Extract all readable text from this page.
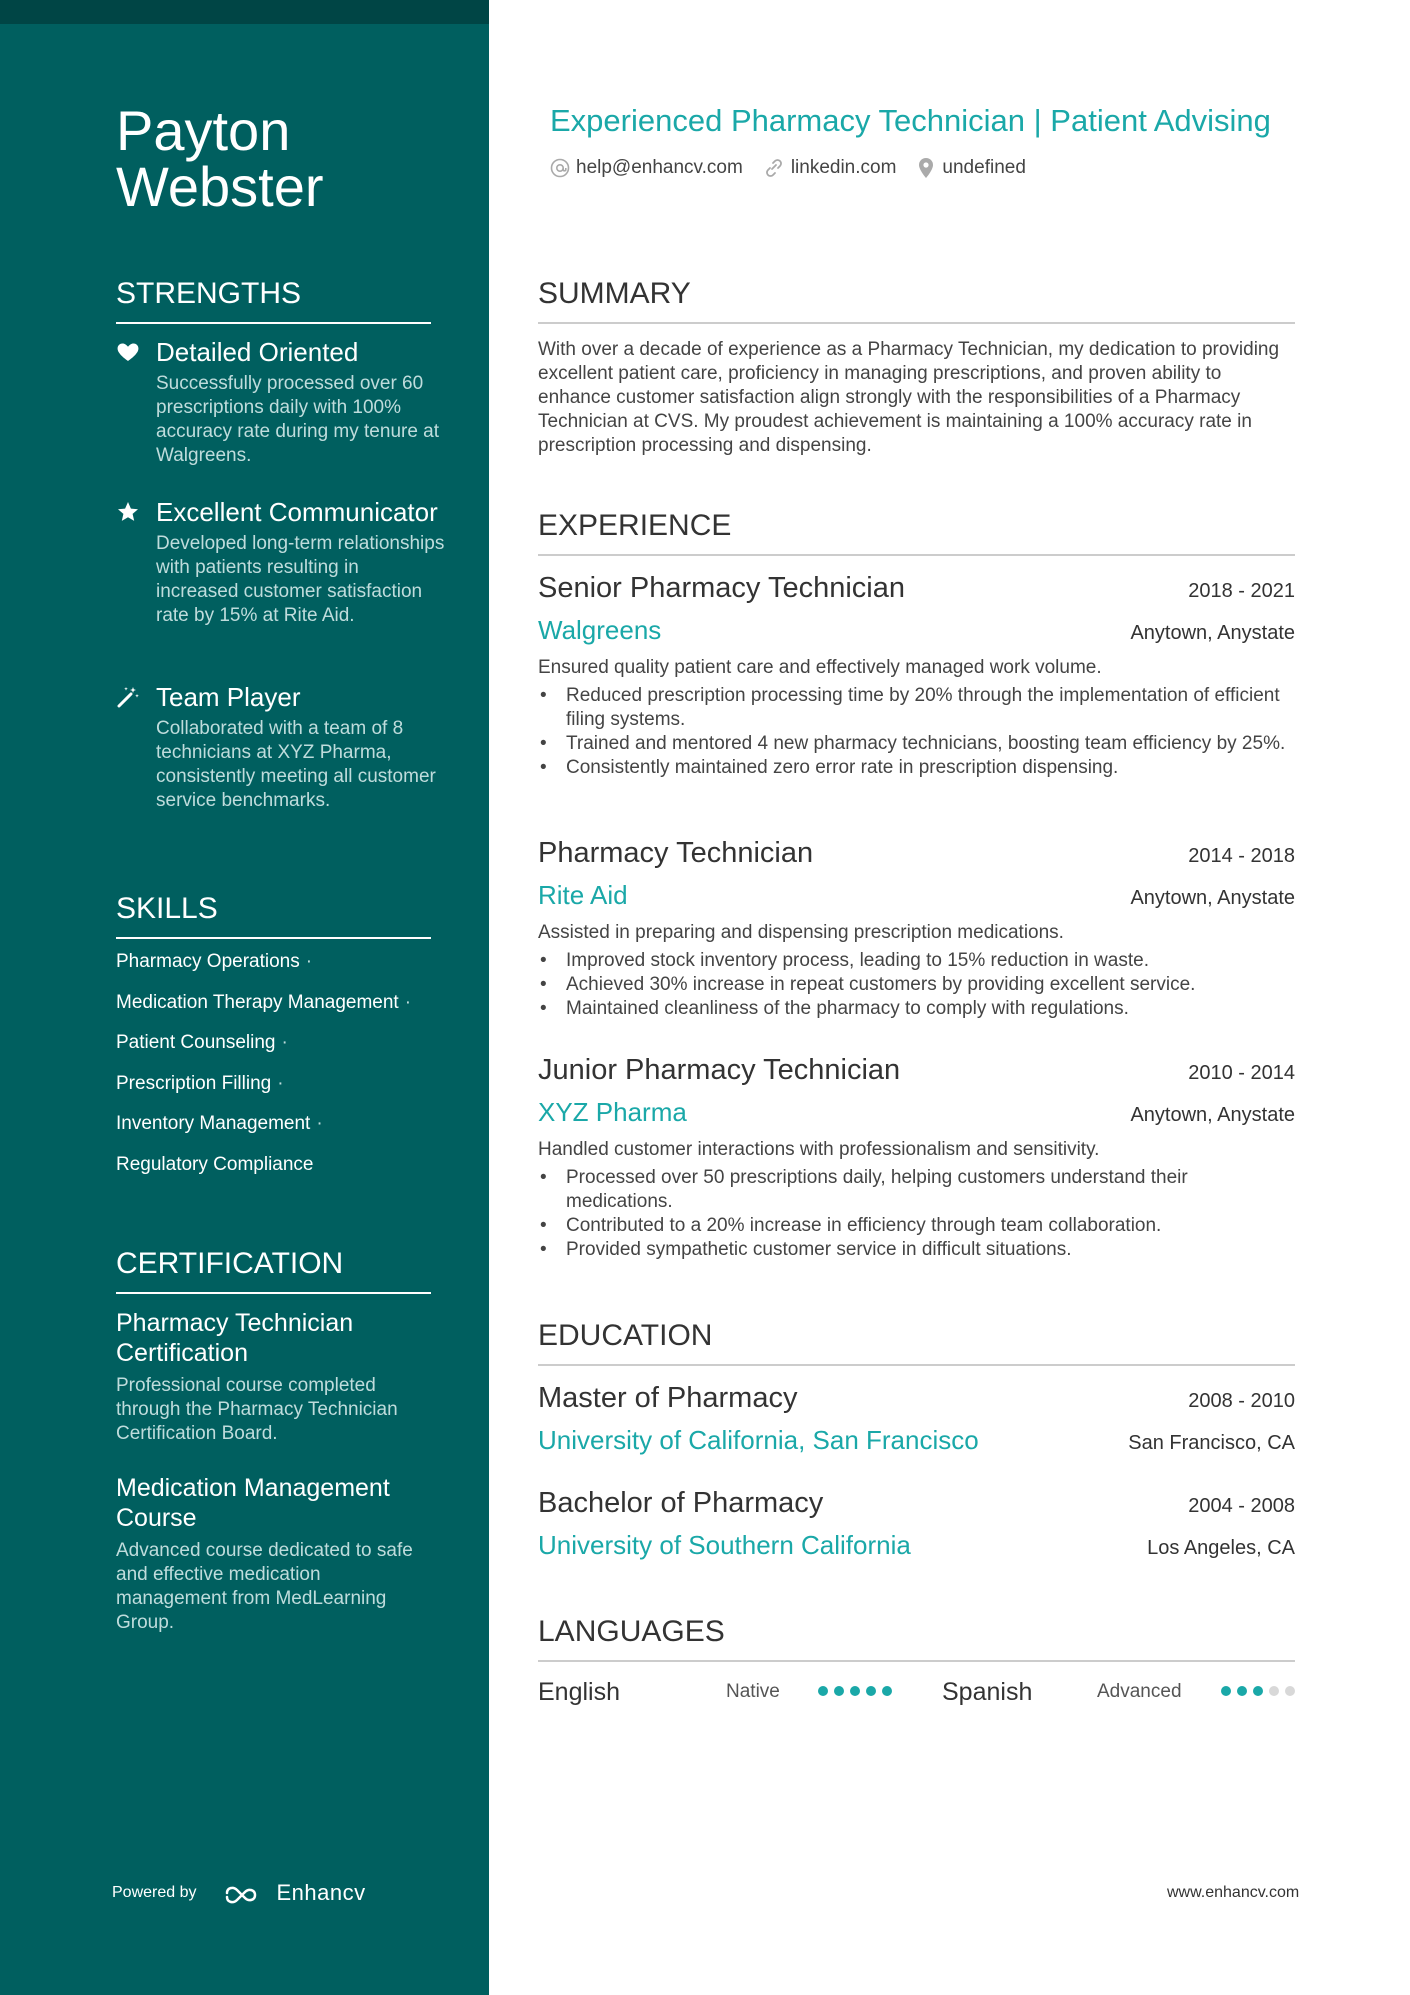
Payton
Webster
STRENGTHS
Detailed Oriented
Successfully processed over 60 prescriptions daily with 100% accuracy rate during my tenure at Walgreens.
Excellent Communicator
Developed long-term relationships with patients resulting in increased customer satisfaction rate by 15% at Rite Aid.
Team Player
Collaborated with a team of 8 technicians at XYZ Pharma, consistently meeting all customer service benchmarks.
SKILLS
Pharmacy Operations ·
Medication Therapy Management ·
Patient Counseling ·
Prescription Filling ·
Inventory Management ·
Regulatory Compliance
CERTIFICATION
Pharmacy Technician Certification
Professional course completed through the Pharmacy Technician Certification Board.
Medication Management Course
Advanced course dedicated to safe and effective medication management from MedLearning Group.
Powered by	Enhancv
Experienced Pharmacy Technician | Patient Advising
help@enhancv.com	linkedin.com undefined
SUMMARY
With over a decade of experience as a Pharmacy Technician, my dedication to providing excellent patient care, proficiency in managing prescriptions, and proven ability to enhance customer satisfaction align strongly with the responsibilities of a Pharmacy Technician at CVS. My proudest achievement is maintaining a 100% accuracy rate in prescription processing and dispensing.
EXPERIENCE
Senior Pharmacy Technician	2018 - 2021
Walgreens	Anytown, Anystate
Ensured quality patient care and effectively managed work volume.
• Reduced prescription processing time by 20% through the implementation of efficient filing systems.
• Trained and mentored 4 new pharmacy technicians, boosting team efficiency by 25%.
• Consistently maintained zero error rate in prescription dispensing.
Pharmacy Technician	2014 - 2018
Rite Aid	Anytown, Anystate
Assisted in preparing and dispensing prescription medications.
• Improved stock inventory process, leading to 15% reduction in waste.
• Achieved 30% increase in repeat customers by providing excellent service.
• Maintained cleanliness of the pharmacy to comply with regulations.
Junior Pharmacy Technician	2010 - 2014
XYZ Pharma	Anytown, Anystate
Handled customer interactions with professionalism and sensitivity.
• Processed over 50 prescriptions daily, helping customers understand their medications.
• Contributed to a 20% increase in efficiency through team collaboration.
• Provided sympathetic customer service in difficult situations.
EDUCATION
Master of Pharmacy	2008 - 2010
University of California, San Francisco	San Francisco, CA
Bachelor of Pharmacy	2004 - 2008
University of Southern California	Los Angeles, CA
LANGUAGES
English	Native	Spanish	Advanced
www.enhancv.com
